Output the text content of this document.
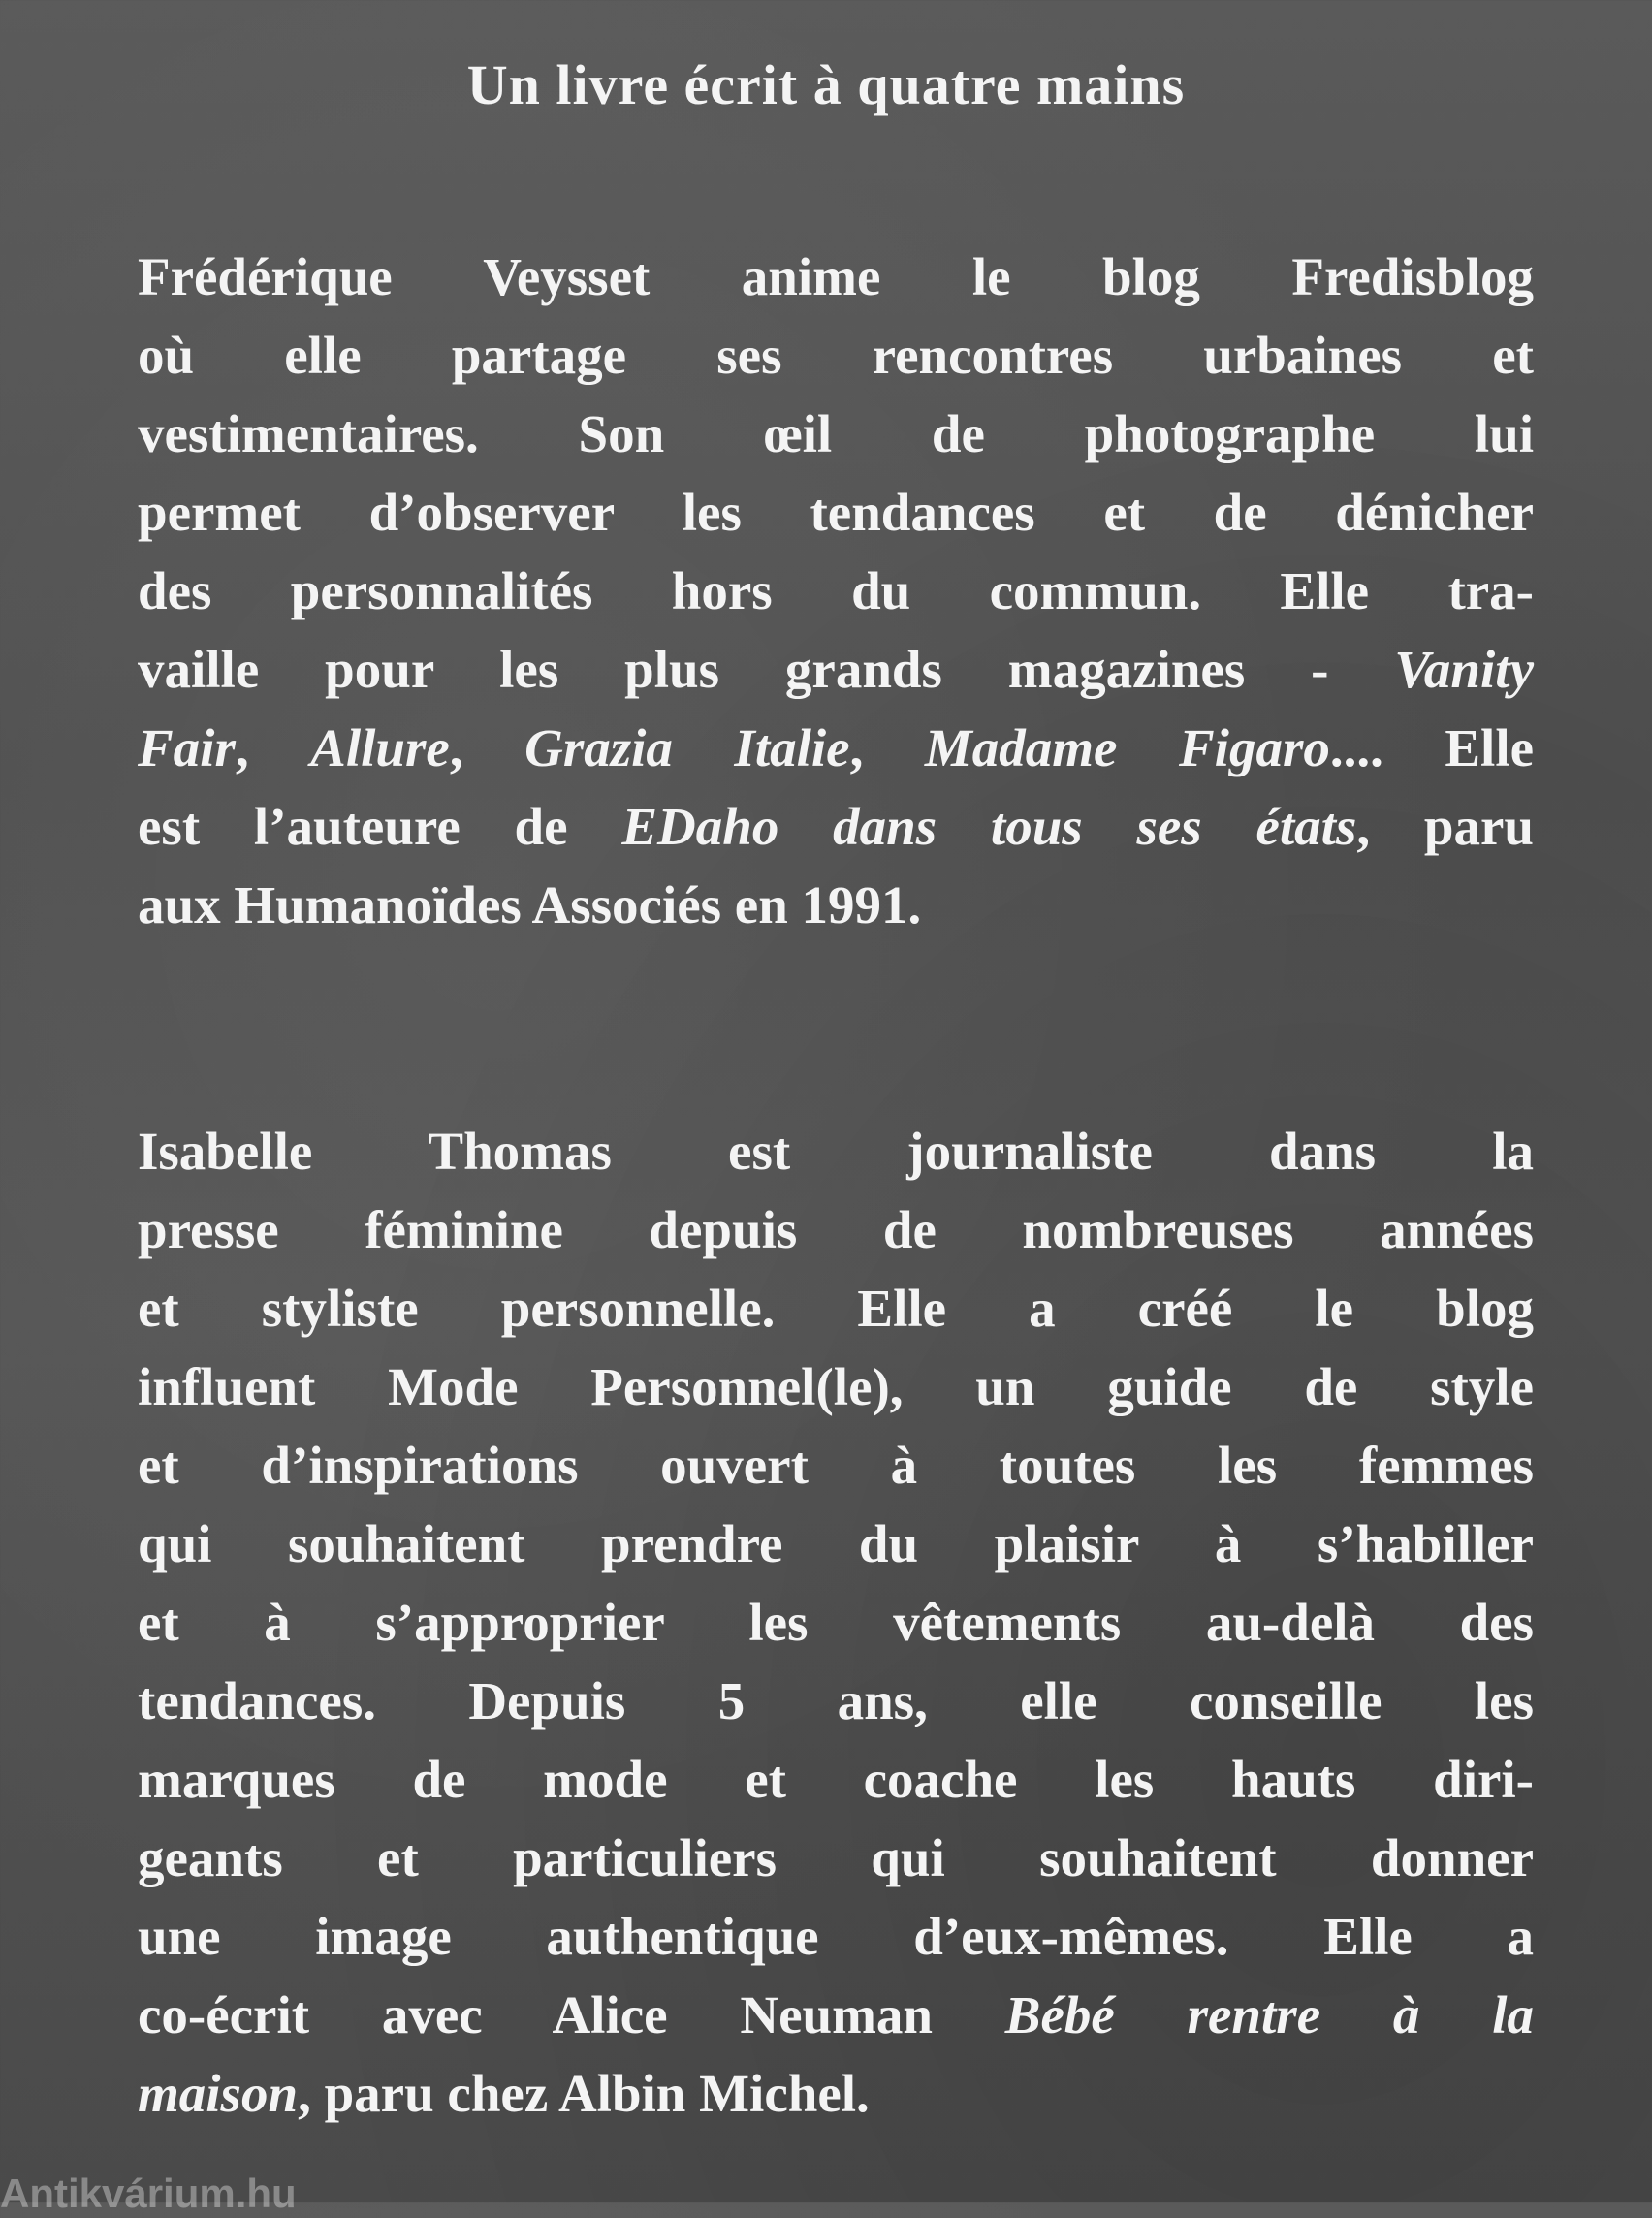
Un livre écrit à quatre mains
Frédérique Veysset anime le blog Fredisblog
où elle partage ses rencontres urbaines et
vestimentaires. Son œil de photographe lui
permet d’observer les tendances et de dénicher
des personnalités hors du commun. Elle tra-
vaille pour les plus grands magazines - Vanity
Fair, Allure, Grazia Italie, Madame Figaro.... Elle
est l’auteure de EDaho dans tous ses états, paru
aux Humanoïdes Associés en 1991.
Isabelle Thomas est journaliste dans la
presse féminine depuis de nombreuses années
et styliste personnelle. Elle a créé le blog
influent Mode Personnel(le), un guide de style
et d’inspirations ouvert à toutes les femmes
qui souhaitent prendre du plaisir à s’habiller
et à s’approprier les vêtements au-delà des
tendances. Depuis 5 ans, elle conseille les
marques de mode et coache les hauts diri-
geants et particuliers qui souhaitent donner
une image authentique d’eux-mêmes. Elle a
co-écrit avec Alice Neuman Bébé rentre à la
maison, paru chez Albin Michel.
Antikvárium.hu
